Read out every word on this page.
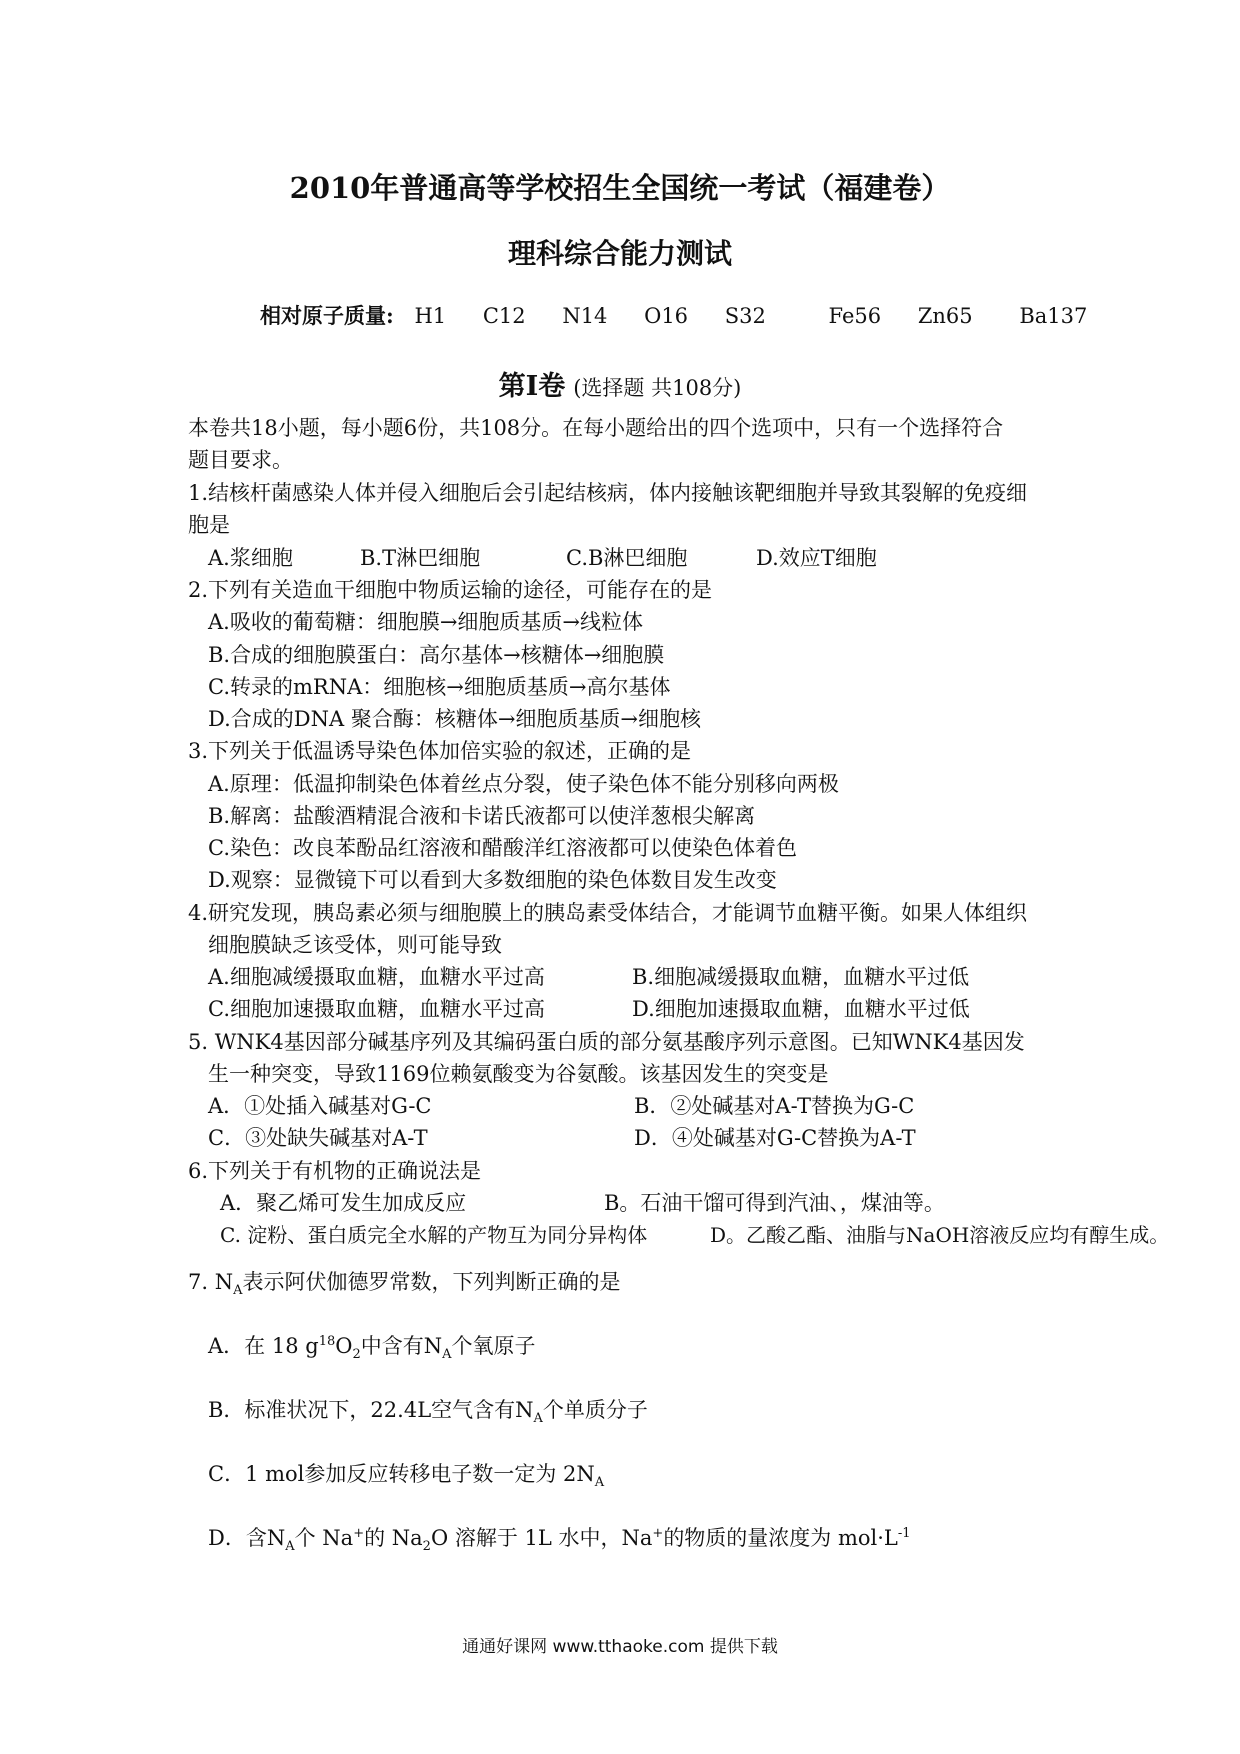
2010年普通高等学校招生全国统一考试（福建卷）
理科综合能力测试
相对原子质量: H1 C12 N14 O16 S32	Fe56 Zn65 Ba137
第I卷 (选择题 共108分)
本卷共18小题，每小题6份，共108分。在每小题给出的四个选项中，只有一个选择符合
题目要求。
1.结核杆菌感染人体并侵入细胞后会引起结核病，体内接触该靶细胞并导致其裂解的免疫细
胞是
A.浆细胞	B.T淋巴细胞	C.B淋巴细胞	D.效应T细胞
2.下列有关造血干细胞中物质运输的途径，可能存在的是
A.吸收的葡萄糖：细胞膜→细胞质基质→线粒体
B.合成的细胞膜蛋白：高尔基体→核糖体→细胞膜
C.转录的mRNA：细胞核→细胞质基质→高尔基体
D.合成的DNA 聚合酶：核糖体→细胞质基质→细胞核
3.下列关于低温诱导染色体加倍实验的叙述，正确的是
A.原理：低温抑制染色体着丝点分裂，使子染色体不能分别移向两极
B.解离：盐酸酒精混合液和卡诺氏液都可以使洋葱根尖解离
C.染色：改良苯酚品红溶液和醋酸洋红溶液都可以使染色体着色
D.观察：显微镜下可以看到大多数细胞的染色体数目发生改变
4.研究发现，胰岛素必须与细胞膜上的胰岛素受体结合，才能调节血糖平衡。如果人体组织
细胞膜缺乏该受体，则可能导致
A.细胞减缓摄取血糖，血糖水平过高	B.细胞减缓摄取血糖，血糖水平过低
C.细胞加速摄取血糖，血糖水平过高	D.细胞加速摄取血糖，血糖水平过低
5. WNK4基因部分碱基序列及其编码蛋白质的部分氨基酸序列示意图。已知WNK4基因发
生一种突变，导致1169位赖氨酸变为谷氨酸。该基因发生的突变是
A．①处插入碱基对G-C	B．②处碱基对A-T替换为G-C
C．③处缺失碱基对A-T	D．④处碱基对G-C替换为A-T
6.下列关于有机物的正确说法是
A．聚乙烯可发生加成反应	B。石油干馏可得到汽油、，煤油等。
C. 淀粉、蛋白质完全水解的产物互为同分异构体	D。乙酸乙酯、油脂与NaOH溶液反应均有醇生成。
7. $N_A$表示阿伏伽德罗常数，下列判断正确的是
A．在 18 $g^{18}O_2$中含有$N_A$个氧原子
B．标准状况下，22.4L空气含有$N_A$个单质分子
C．1 mol参加反应转移电子数一定为 $2N_A$
D．含$N_A$个 Na+的 $Na_2O$ 溶解于 1L 水中，Na+的物质的量浓度为 $mol\cdot L^{-1}$
通通好课网 www.tthaoke.com 提供下载
